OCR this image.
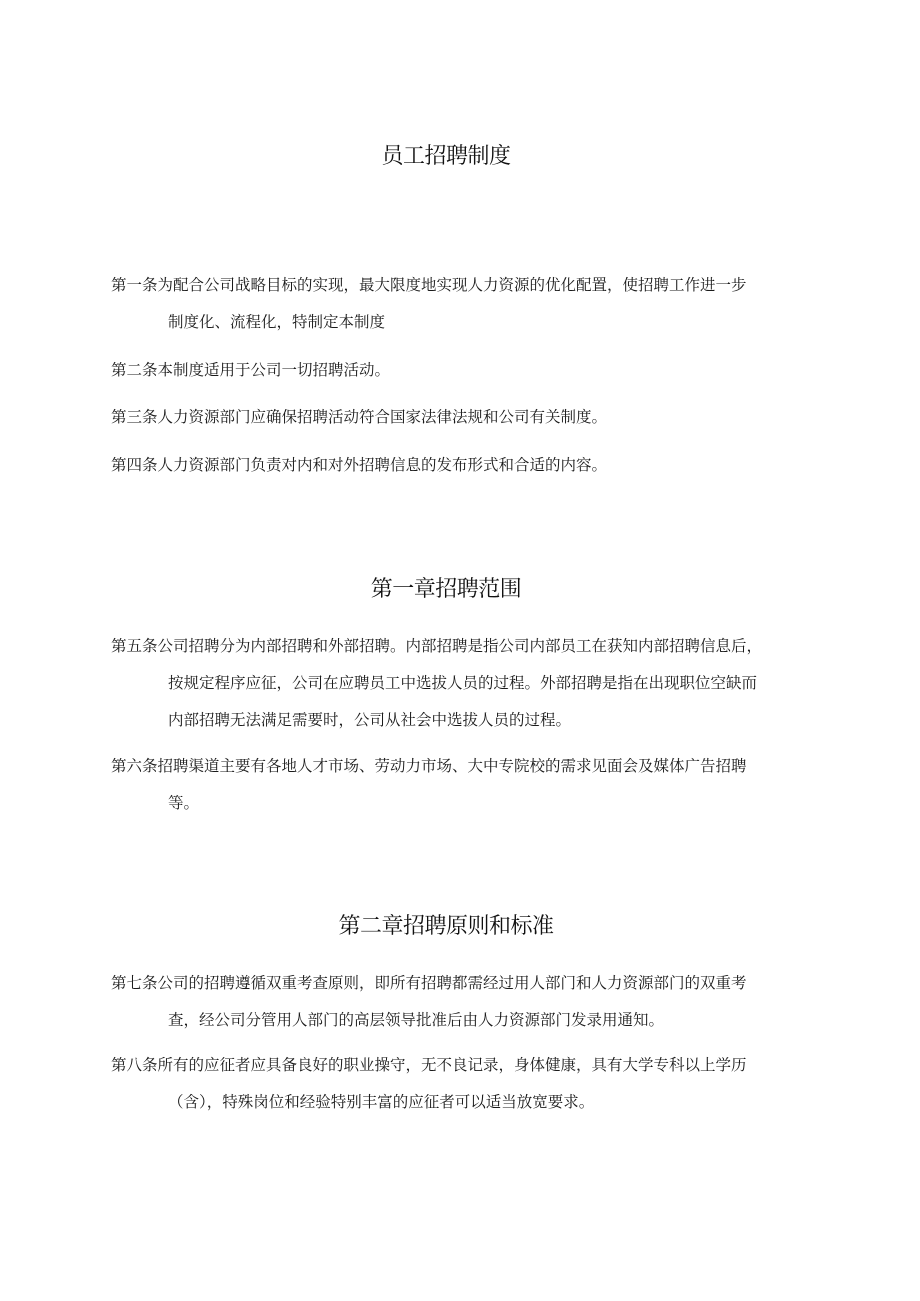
员工招聘制度

第一条为配合公司战略目标的实现，最大限度地实现人力资源的优化配置，使招聘工作进一步
制度化、流程化，特制定本制度

第二条本制度适用于公司一切招聘活动。

第三条人力资源部门应确保招聘活动符合国家法律法规和公司有关制度。

第四条人力资源部门负责对内和对外招聘信息的发布形式和合适的内容。

第一章招聘范围

第五条公司招聘分为内部招聘和外部招聘。内部招聘是指公司内部员工在获知内部招聘信息后，
按规定程序应征，公司在应聘员工中选拔人员的过程。外部招聘是指在出现职位空缺而
内部招聘无法满足需要时，公司从社会中选拔人员的过程。

第六条招聘渠道主要有各地人才市场、劳动力市场、大中专院校的需求见面会及媒体广告招聘
等。

第二章招聘原则和标准

第七条公司的招聘遵循双重考查原则，即所有招聘都需经过用人部门和人力资源部门的双重考
查，经公司分管用人部门的高层领导批准后由人力资源部门发录用通知。

第八条所有的应征者应具备良好的职业操守，无不良记录，身体健康，具有大学专科以上学历
（含），特殊岗位和经验特别丰富的应征者可以适当放宽要求。
